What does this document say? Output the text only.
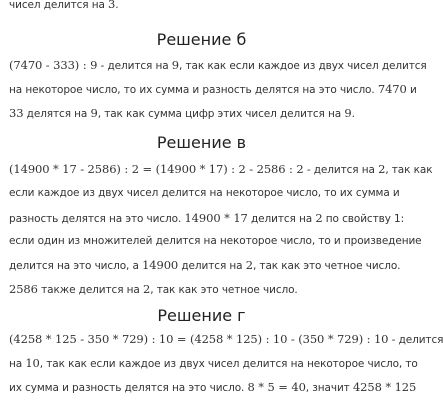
чисел делится на 3.
Решение б
(7470 - 333) : 9 - делится на 9, так как если каждое из двух чисел делится
на некоторое число, то их сумма и разность делятся на это число. 7470 и
33 делятся на 9, так как сумма цифр этих чисел делится на 9.
Решение в
(14900 * 17 - 2586) : 2 = (14900 * 17) : 2 - 2586 : 2 - делится на 2, так как
если каждое из двух чисел делится на некоторое число, то их сумма и
разность делятся на это число. 14900 * 17 делится на 2 по свойству 1:
если один из множителей делится на некоторое число, то и произведение
делится на это число, а 14900 делится на 2, так как это четное число.
2586 также делится на 2, так как это четное число.
Решение г
(4258 * 125 - 350 * 729) : 10 = (4258 * 125) : 10 - (350 * 729) : 10 - делится
на 10, так как если каждое из двух чисел делится на некоторое число, то
их сумма и разность делятся на это число. 8 * 5 = 40, значит 4258 * 125
